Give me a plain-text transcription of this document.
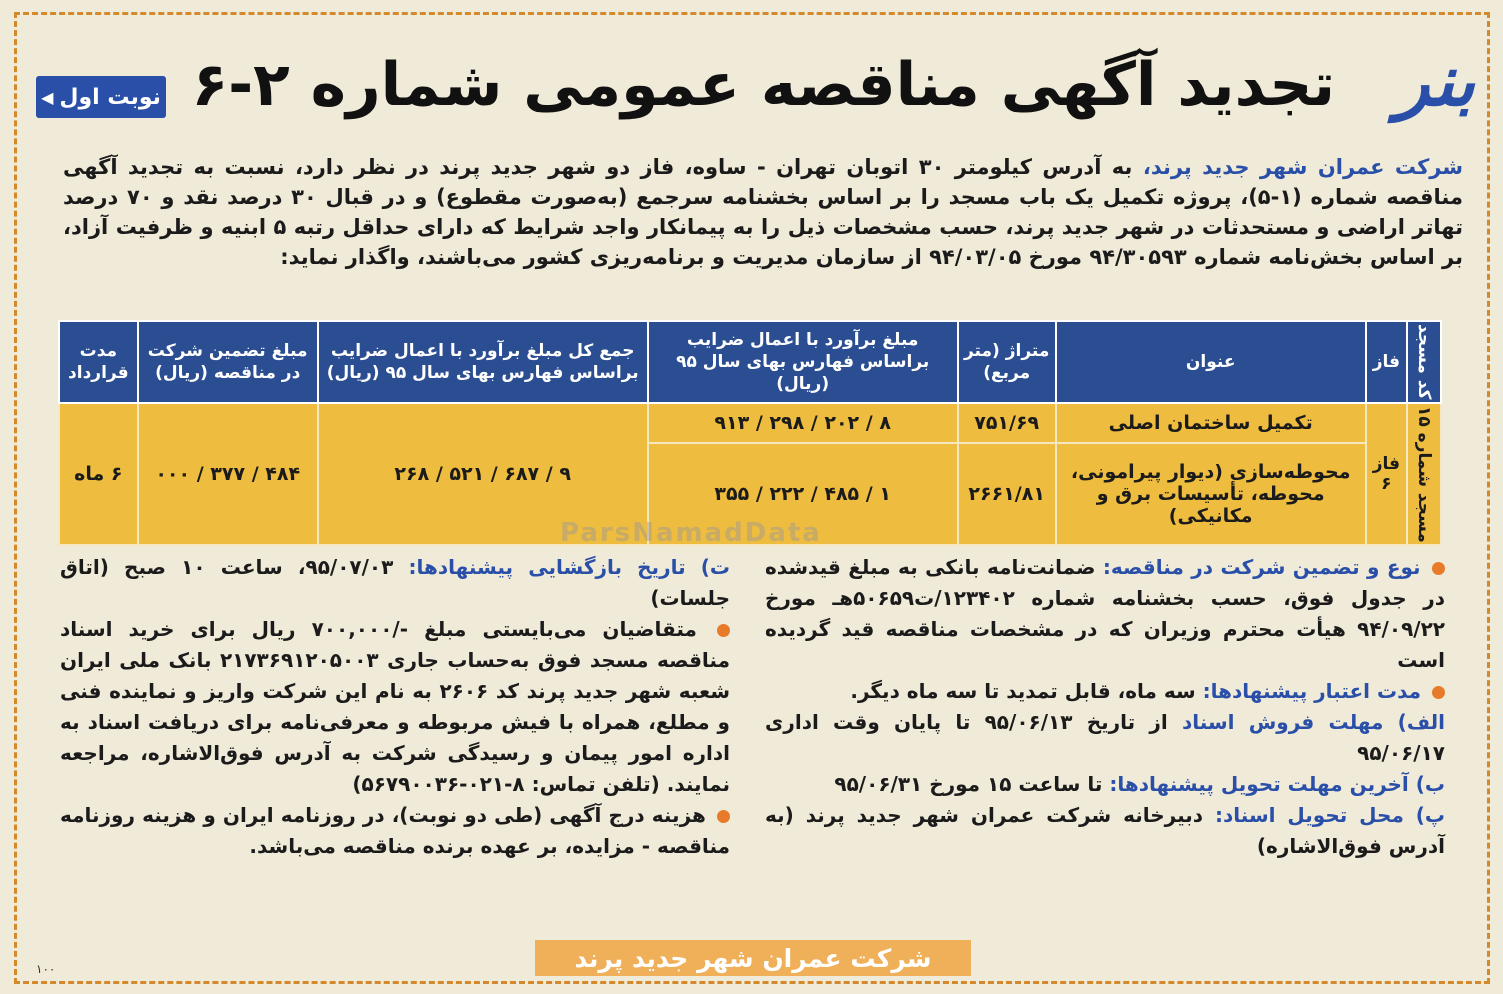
بنر
تجدید آگهی مناقصه عمومی شماره ۲-۶
نوبت اول
◀
شرکت عمران شهر جدید پرند، به آدرس کیلومتر ۳۰ اتوبان تهران - ساوه، فاز دو شهر جدید پرند در نظر دارد، نسبت به تجدید آگهی مناقصه شماره (۱-۵)، پروژه تکمیل یک باب مسجد را بر اساس بخشنامه سرجمع (به‌صورت مقطوع) و در قبال ۳۰ درصد نقد و ۷۰ درصد تهاتر اراضی و مستحدثات در شهر جدید پرند، حسب مشخصات ذیل را به پیمانکار واجد شرایط که دارای حداقل رتبه ۵ ابنیه و ظرفیت آزاد، بر اساس بخش‌نامه شماره ۹۴/۳۰۵۹۳ مورخ ۹۴/۰۳/۰۵ از سازمان مدیریت و برنامه‌ریزی کشور می‌باشند، واگذار نماید:
کد مسجد	فاز	عنوان	متراژ (متر مربع)	مبلغ برآورد با اعمال ضرایب براساس فهارس بهای سال ۹۵ (ریال)	جمع کل مبلغ برآورد با اعمال ضرایب براساس فهارس بهای سال ۹۵ (ریال)	مبلغ تضمین شرکت در مناقصه (ریال)	مدت قرارداد
مسجد شماره ۱۵	فاز ۶	تکمیل ساختمان اصلی	۷۵۱/۶۹	۸ / ۲۰۲ / ۲۹۸ / ۹۱۳	۹ / ۶۸۷ / ۵۲۱ / ۲۶۸	۴۸۴ / ۳۷۷ / ۰۰۰	۶ ماه
		محوطه‌سازی (دیوار پیرامونی، محوطه، تأسیسات برق و مکانیکی)	۲۶۶۱/۸۱	۱ / ۴۸۵ / ۲۲۲ / ۳۵۵			
ParsNamadData
نوع و تضمین شرکت در مناقصه: ضمانت‌نامه بانکی به مبلغ قیدشده در جدول فوق، حسب بخشنامه شماره ۱۲۳۴۰۲/ت۵۰۶۵۹هـ مورخ ۹۴/۰۹/۲۲ هیأت محترم وزیران که در مشخصات مناقصه قید گردیده است
مدت اعتبار پیشنهادها: سه ماه، قابل تمدید تا سه ماه دیگر.
الف) مهلت فروش اسناد از تاریخ ۹۵/۰۶/۱۳ تا پایان وقت اداری ۹۵/۰۶/۱۷
ب) آخرین مهلت تحویل پیشنهادها: تا ساعت ۱۵ مورخ ۹۵/۰۶/۳۱
پ) محل تحویل اسناد: دبیرخانه شرکت عمران شهر جدید پرند (به آدرس فوق‌الاشاره)
ت) تاریخ بازگشایی پیشنهادها: ۹۵/۰۷/۰۳، ساعت ۱۰ صبح (اتاق جلسات)
متقاضیان می‌بایستی مبلغ -/۷۰۰,۰۰۰ ریال برای خرید اسناد مناقصه مسجد فوق به‌حساب جاری ۲۱۷۳۶۹۱۲۰۵۰۰۳ بانک ملی ایران شعبه شهر جدید پرند کد ۲۶۰۶ به نام این شرکت واریز و نماینده فنی و مطلع، همراه با فیش مربوطه و معرفی‌نامه برای دریافت اسناد به اداره امور پیمان و رسیدگی شرکت به آدرس فوق‌الاشاره، مراجعه نمایند. (تلفن تماس: ۸-۰۲۱-۵۶۷۹۰۰۳۶)
هزینه درج آگهی (طی دو نوبت)، در روزنامه ایران و هزینه روزنامه مناقصه - مزایده، بر عهده برنده مناقصه می‌باشد.
شرکت عمران شهر جدید پرند
۱۰۰
